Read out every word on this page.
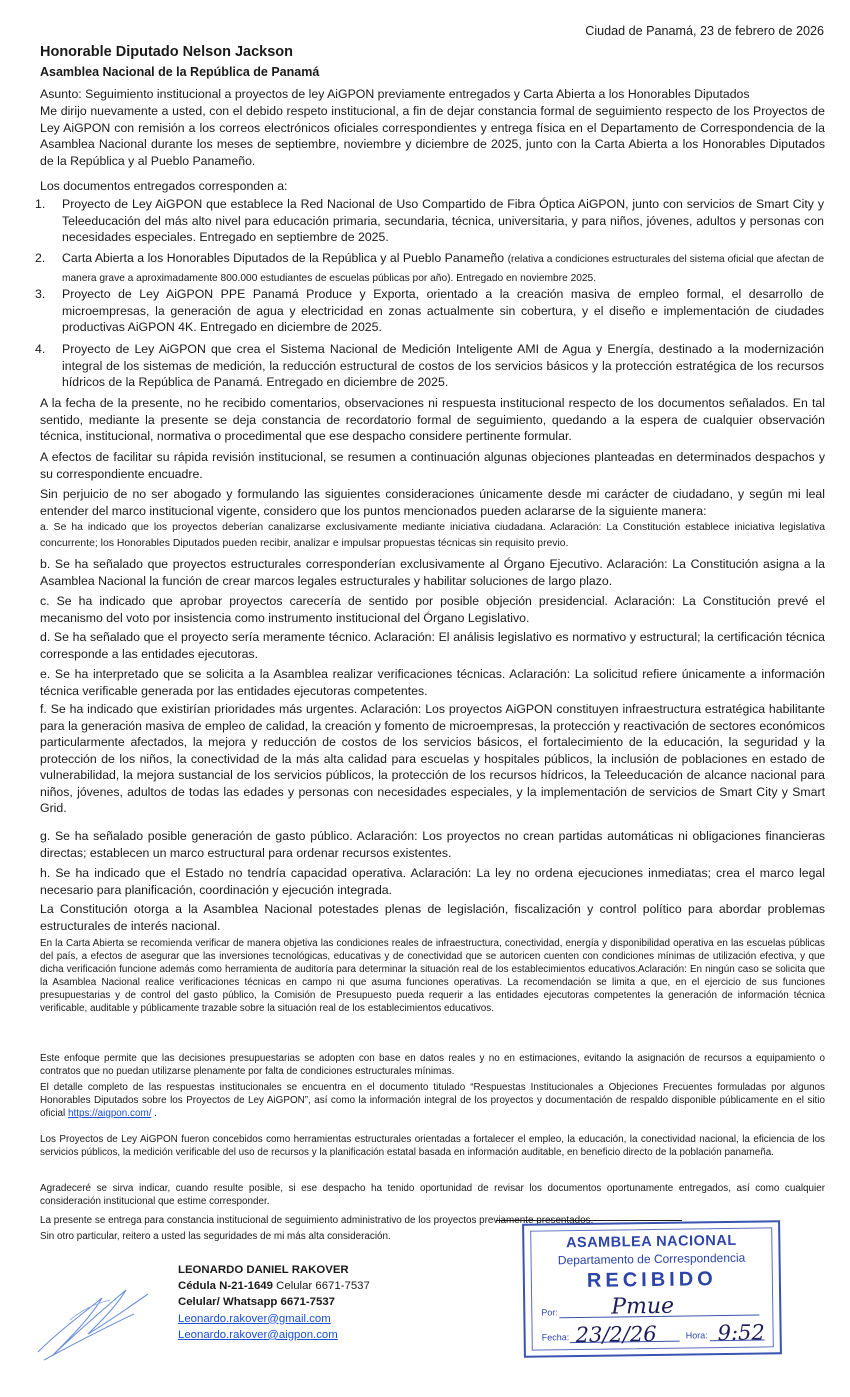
Ciudad de Panamá, 23 de febrero de 2026
Honorable Diputado Nelson Jackson
Asamblea Nacional de la República de Panamá

Asunto: Seguimiento institucional a proyectos de ley AiGPON previamente entregados y Carta Abierta a los Honorables Diputados

Me dirijo nuevamente a usted, con el debido respeto institucional, a fin de dejar constancia formal de seguimiento respecto de los Proyectos de Ley AiGPON con remisión a los correos electrónicos oficiales correspondientes y entrega física en el Departamento de Correspondencia de la Asamblea Nacional durante los meses de septiembre, noviembre y diciembre de 2025, junto con la Carta Abierta a los Honorables Diputados de la República y al Pueblo Panameño.

Los documentos entregados corresponden a:

1. Proyecto de Ley AiGPON que establece la Red Nacional de Uso Compartido de Fibra Óptica AiGPON, junto con servicios de Smart City y Teleeducación del más alto nivel para educación primaria, secundaria, técnica, universitaria, y para niños, jóvenes, adultos y personas con necesidades especiales. Entregado en septiembre de 2025.
2. Carta Abierta a los Honorables Diputados de la República y al Pueblo Panameño (relativa a condiciones estructurales del sistema oficial que afectan de manera grave a aproximadamente 800.000 estudiantes de escuelas públicas por año). Entregado en noviembre 2025.
3. Proyecto de Ley AiGPON PPE Panamá Produce y Exporta, orientado a la creación masiva de empleo formal, el desarrollo de microempresas, la generación de agua y electricidad en zonas actualmente sin cobertura, y el diseño e implementación de ciudades productivas AiGPON 4K. Entregado en diciembre de 2025.
4. Proyecto de Ley AiGPON que crea el Sistema Nacional de Medición Inteligente AMI de Agua y Energía, destinado a la modernización integral de los sistemas de medición, la reducción estructural de costos de los servicios básicos y la protección estratégica de los recursos hídricos de la República de Panamá. Entregado en diciembre de 2025.

A la fecha de la presente, no he recibido comentarios, observaciones ni respuesta institucional respecto de los documentos señalados. En tal sentido, mediante la presente se deja constancia de recordatorio formal de seguimiento, quedando a la espera de cualquier observación técnica, institucional, normativa o procedimental que ese despacho considere pertinente formular.

A efectos de facilitar su rápida revisión institucional, se resumen a continuación algunas objeciones planteadas en determinados despachos y su correspondiente encuadre.

Sin perjuicio de no ser abogado y formulando las siguientes consideraciones únicamente desde mi carácter de ciudadano, y según mi leal entender del marco institucional vigente, considero que los puntos mencionados pueden aclararse de la siguiente manera:

a. Se ha indicado que los proyectos deberían canalizarse exclusivamente mediante iniciativa ciudadana. Aclaración: La Constitución establece iniciativa legislativa concurrente; los Honorables Diputados pueden recibir, analizar e impulsar propuestas técnicas sin requisito previo.

b. Se ha señalado que proyectos estructurales corresponderían exclusivamente al Órgano Ejecutivo. Aclaración: La Constitución asigna a la Asamblea Nacional la función de crear marcos legales estructurales y habilitar soluciones de largo plazo.

c. Se ha indicado que aprobar proyectos carecería de sentido por posible objeción presidencial. Aclaración: La Constitución prevé el mecanismo del voto por insistencia como instrumento institucional del Órgano Legislativo.

d. Se ha señalado que el proyecto sería meramente técnico. Aclaración: El análisis legislativo es normativo y estructural; la certificación técnica corresponde a las entidades ejecutoras.

e. Se ha interpretado que se solicita a la Asamblea realizar verificaciones técnicas. Aclaración: La solicitud refiere únicamente a información técnica verificable generada por las entidades ejecutoras competentes.

f. Se ha indicado que existirían prioridades más urgentes. Aclaración: Los proyectos AiGPON constituyen infraestructura estratégica habilitante para la generación masiva de empleo de calidad, la creación y fomento de microempresas, la protección y reactivación de sectores económicos particularmente afectados, la mejora y reducción de costos de los servicios básicos, el fortalecimiento de la educación, la seguridad y la protección de los niños, la conectividad de la más alta calidad para escuelas y hospitales públicos, la inclusión de poblaciones en estado de vulnerabilidad, la mejora sustancial de los servicios públicos, la protección de los recursos hídricos, la Teleeducación de alcance nacional para niños, jóvenes, adultos de todas las edades y personas con necesidades especiales, y la implementación de servicios de Smart City y Smart Grid.

g. Se ha señalado posible generación de gasto público. Aclaración: Los proyectos no crean partidas automáticas ni obligaciones financieras directas; establecen un marco estructural para ordenar recursos existentes.

h. Se ha indicado que el Estado no tendría capacidad operativa. Aclaración: La ley no ordena ejecuciones inmediatas; crea el marco legal necesario para planificación, coordinación y ejecución integrada.

La Constitución otorga a la Asamblea Nacional potestades plenas de legislación, fiscalización y control político para abordar problemas estructurales de interés nacional.

En la Carta Abierta se recomienda verificar de manera objetiva las condiciones reales de infraestructura, conectividad, energía y disponibilidad operativa en las escuelas públicas del país, a efectos de asegurar que las inversiones tecnológicas, educativas y de conectividad que se autoricen cuenten con condiciones mínimas de utilización efectiva, y que dicha verificación funcione además como herramienta de auditoría para determinar la situación real de los establecimientos educativos.Aclaración: En ningún caso se solicita que la Asamblea Nacional realice verificaciones técnicas en campo ni que asuma funciones operativas. La recomendación se limita a que, en el ejercicio de sus funciones presupuestarias y de control del gasto público, la Comisión de Presupuesto pueda requerir a las entidades ejecutoras competentes la generación de información técnica verificable, auditable y públicamente trazable sobre la situación real de los establecimientos educativos.

Este enfoque permite que las decisiones presupuestarias se adopten con base en datos reales y no en estimaciones, evitando la asignación de recursos a equipamiento o contratos que no puedan utilizarse plenamente por falta de condiciones estructurales mínimas.

El detalle completo de las respuestas institucionales se encuentra en el documento titulado “Respuestas Institucionales a Objeciones Frecuentes formuladas por algunos Honorables Diputados sobre los Proyectos de Ley AiGPON”, así como la información integral de los proyectos y documentación de respaldo disponible públicamente en el sitio oficial https://aigpon.com/ .

Los Proyectos de Ley AiGPON fueron concebidos como herramientas estructurales orientadas a fortalecer el empleo, la educación, la conectividad nacional, la eficiencia de los servicios públicos, la medición verificable del uso de recursos y la planificación estatal basada en información auditable, en beneficio directo de la población panameña.

Agradeceré se sirva indicar, cuando resulte posible, si ese despacho ha tenido oportunidad de revisar los documentos oportunamente entregados, así como cualquier consideración institucional que estime corresponder.

La presente se entrega para constancia institucional de seguimiento administrativo de los proyectos previamente presentados.

Sin otro particular, reitero a usted las seguridades de mi más alta consideración.

LEONARDO DANIEL RAKOVER
Cédula N-21-1649 Celular 6671-7537
Celular/ Whatsapp 6671-7537
Leonardo.rakover@gmail.com
Leonardo.rakover@aigpon.com
ASAMBLEA NACIONAL
Departamento de Correspondencia
RECIBIDO
Por:
Fecha:	Hora:
Pmue
23/2/26	9:52
